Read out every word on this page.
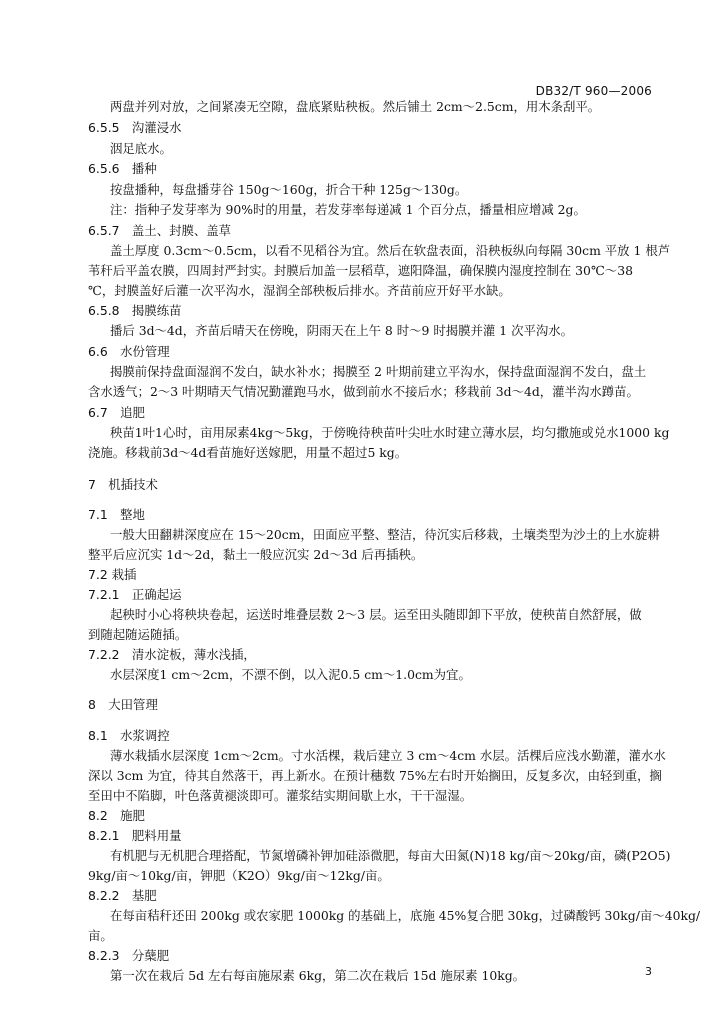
DB32/T 960—2006
两盘并列对放，之间紧凑无空隙，盘底紧贴秧板。然后铺土 2cm～2.5cm，用木条刮平。
6.5.5　沟灌浸水
洇足底水。
6.5.6　播种
按盘播种，每盘播芽谷 150g～160g，折合干种 125g～130g。
注：指种子发芽率为 90%时的用量，若发芽率每递减 1 个百分点，播量相应增减 2g。
6.5.7　盖土、封膜、盖草
盖土厚度 0.3cm～0.5cm，以看不见稻谷为宜。然后在软盘表面，沿秧板纵向每隔 30cm 平放 1 根芦
苇秆后平盖农膜，四周封严封实。封膜后加盖一层稻草，遮阳降温，确保膜内湿度控制在 30℃～38
℃，封膜盖好后灌一次平沟水，湿润全部秧板后排水。齐苗前应开好平水缺。
6.5.8　揭膜练苗
播后 3d～4d，齐苗后晴天在傍晚，阴雨天在上午 8 时～9 时揭膜并灌 1 次平沟水。
6.6　水份管理
揭膜前保持盘面湿润不发白，缺水补水；揭膜至 2 叶期前建立平沟水，保持盘面湿润不发白，盘土
含水透气；2～3 叶期晴天气情况勤灌跑马水，做到前水不接后水；移栽前 3d～4d，灌半沟水蹲苗。
6.7　追肥
秧苗1叶1心时，亩用尿素4kg～5kg，于傍晚待秧苗叶尖吐水时建立薄水层，均匀撒施或兑水1000 kg
浇施。移栽前3d～4d看苗施好送嫁肥，用量不超过5 kg。
7　机插技术
7.1　整地
一般大田翻耕深度应在 15～20cm，田面应平整、整洁，待沉实后移栽，土壤类型为沙土的上水旋耕
整平后应沉实 1d～2d，黏土一般应沉实 2d～3d 后再插秧。
7.2 栽插
7.2.1　正确起运
起秧时小心将秧块卷起，运送时堆叠层数 2～3 层。运至田头随即卸下平放，使秧苗自然舒展，做
到随起随运随插。
7.2.2　清水淀板，薄水浅插，
水层深度1 cm～2cm，不漂不倒，以入泥0.5 cm～1.0cm为宜。
8　大田管理
8.1　水浆调控
薄水栽插水层深度 1cm～2cm。寸水活棵，栽后建立 3 cm～4cm 水层。活棵后应浅水勤灌，灌水水
深以 3cm 为宜，待其自然落干，再上新水。在预计穗数 75%左右时开始搁田，反复多次，由轻到重，搁
至田中不陷脚，叶色落黄褪淡即可。灌浆结实期间歇上水，干干湿湿。
8.2　施肥
8.2.1　肥料用量
有机肥与无机肥合理搭配，节氮增磷补钾加硅添微肥，每亩大田氮(N)18 kg/亩～20kg/亩，磷(P2O5)
9kg/亩～10kg/亩，钾肥（K2O）9kg/亩～12kg/亩。
8.2.2　基肥
在每亩秸秆还田 200kg 或农家肥 1000kg 的基础上，底施 45%复合肥 30kg，过磷酸钙 30kg/亩～40kg/
亩。
8.2.3　分蘖肥
第一次在栽后 5d 左右每亩施尿素 6kg，第二次在栽后 15d 施尿素 10kg。	3
